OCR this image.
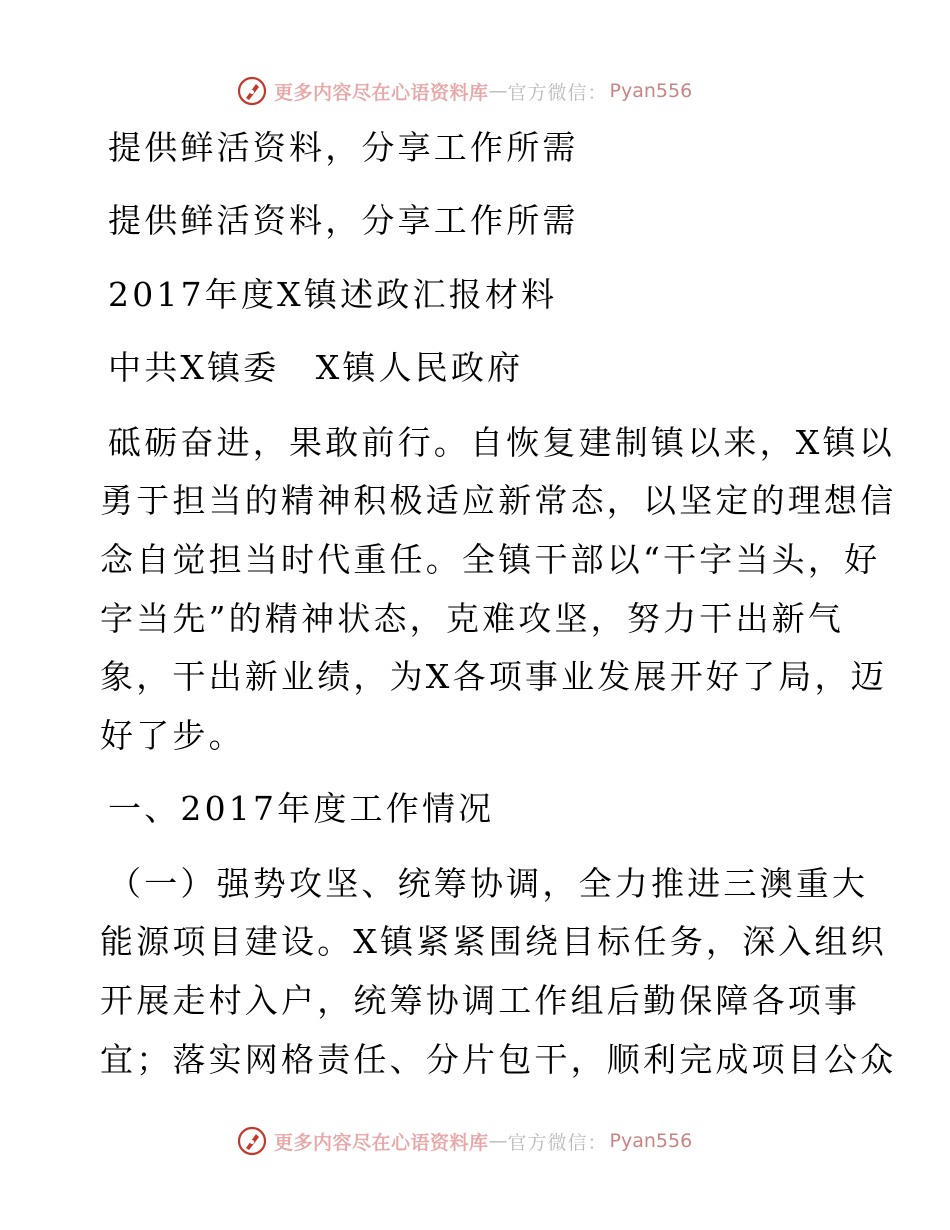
更多内容尽在心语资料库 — 官方微信： Pyan556
提供鲜活资料，分享工作所需
提供鲜活资料，分享工作所需
2017年度X镇述政汇报材料
中共X镇委　X镇人民政府
砥砺奋进，果敢前行。自恢复建制镇以来，X镇以
勇于担当的精神积极适应新常态，以坚定的理想信
念自觉担当时代重任。全镇干部以“干字当头，好
字当先”的精神状态，克难攻坚，努力干出新气
象，干出新业绩，为X各项事业发展开好了局，迈
好了步。
一、2017年度工作情况
（一）强势攻坚、统筹协调，全力推进三澳重大
能源项目建设。X镇紧紧围绕目标任务，深入组织
开展走村入户，统筹协调工作组后勤保障各项事
宜；落实网格责任、分片包干，顺利完成项目公众
更多内容尽在心语资料库 — 官方微信： Pyan556
